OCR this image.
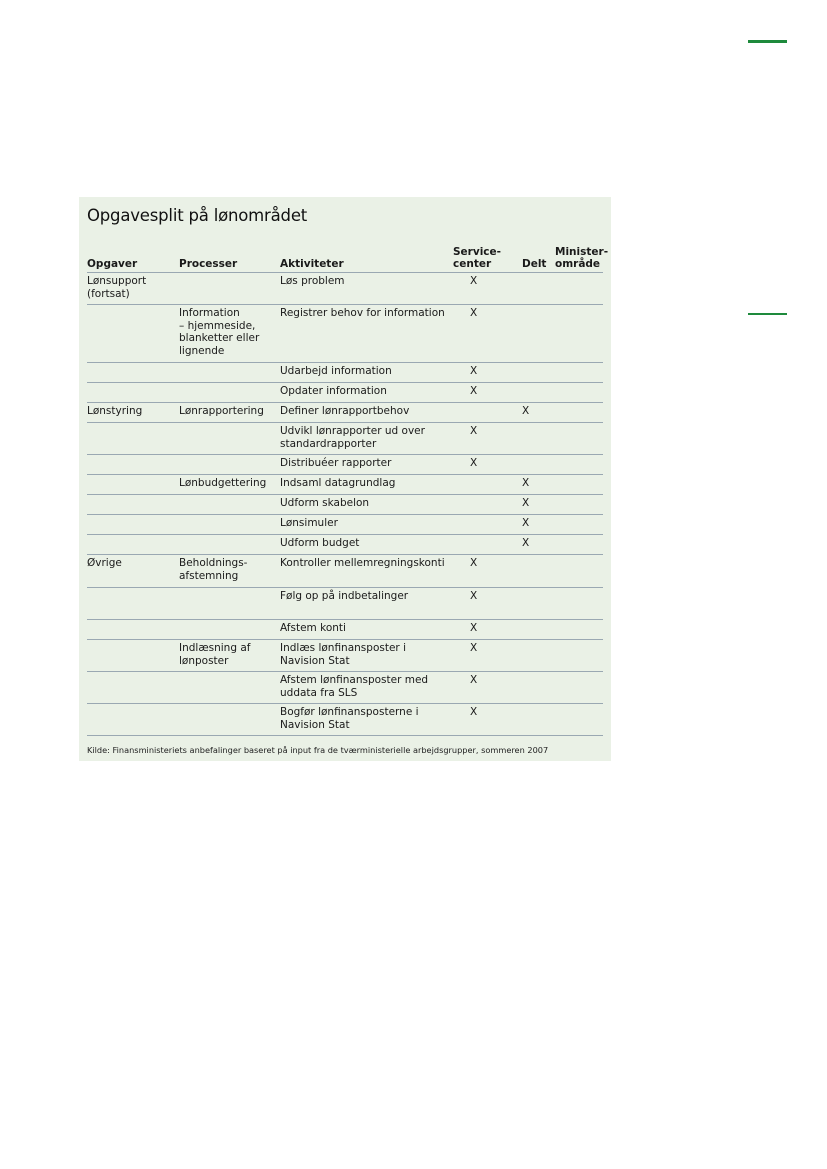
Opgavesplit på lønområdet
Opgaver	Processer	Aktiviteter	Service-
center	Delt	Minister-
område
Lønsupport
(fortsat)		Løs problem	X		
	Information
– hjemmeside,
blanketter eller
lignende	Registrer behov for information	X		
		Udarbejd information	X		
		Opdater information	X		
Lønstyring	Lønrapportering	Definer lønrapportbehov		X	
		Udvikl lønrapporter ud over
standardrapporter	X		
		Distribuéer rapporter	X		
	Lønbudgettering	Indsaml datagrundlag		X	
		Udform skabelon		X	
		Lønsimuler		X	
		Udform budget		X	
Øvrige	Beholdnings-
afstemning	Kontroller mellemregningskonti	X		
		Følg op på indbetalinger	X		
		Afstem konti	X		
	Indlæsning af
lønposter	Indlæs lønfinansposter i
Navision Stat	X		
		Afstem lønfinansposter med
uddata fra SLS	X		
		Bogfør lønfinansposterne i
Navision Stat	X		
Kilde: Finansministeriets anbefalinger baseret på input fra de tværministerielle arbejdsgrupper, sommeren 2007
